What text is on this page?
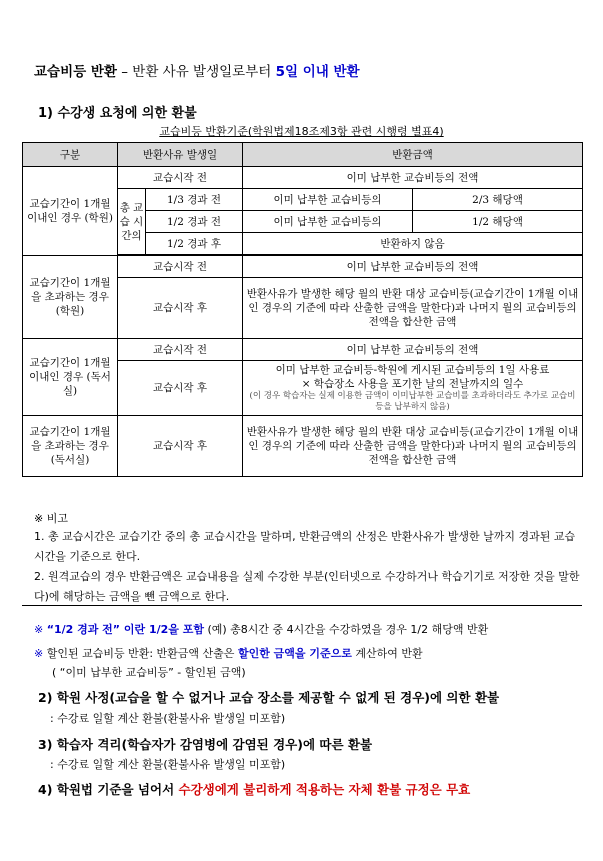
교습비등 반환 – 반환 사유 발생일로부터 5일 이내 반환
1) 수강생 요청에 의한 환불
교습비등 반환기준(학원법제18조제3항 관련 시행령 별표4)
구분	반환사유 발생일		반환금액	
교습기간이 1개월 이내인 경우 (학원)	교습시작 전		이미 납부한 교습비등의 전액	
	총 교습 시간의	1/3 경과 전	이미 납부한 교습비등의	2/3 해당액
		1/2 경과 전	이미 납부한 교습비등의	1/2 해당액
		1/2 경과 후	반환하지 않음	

교습기간이 1개월을 초과하는 경우(학원)	교습시작 전		이미 납부한 교습비등의 전액	
	교습시작 후		반환사유가 발생한 해당 월의 반환 대상 교습비등(교습기간이 1개월 이내인 경우의 기준에 따라 산출한 금액을 말한다)과 나머지 월의 교습비등의 전액을 합산한 금액	
교습기간이 1개월 이내인 경우 (독서실)	교습시작 전		이미 납부한 교습비등의 전액	
	교습시작 후		이미 납부한 교습비등-학원에 게시된 교습비등의 1일 사용료
× 학습장소 사용을 포기한 날의 전날까지의 일수
(이 경우 학습자는 실제 이용한 금액이 이미납부한 교습비를 초과하더라도 추가로 교습비등을 납부하지 않음)	

교습기간이 1개월을 초과하는 경우(독서실)	교습시작 후		반환사유가 발생한 해당 월의 반환 대상 교습비등(교습기간이 1개월 이내인 경우의 기준에 따라 산출한 금액을 말한다)과 나머지 월의 교습비등의 전액을 합산한 금액	
※ 비고
1. 총 교습시간은 교습기간 중의 총 교습시간을 말하며, 반환금액의 산정은 반환사유가 발생한 날까지 경과된 교습시간을 기준으로 한다.
2. 원격교습의 경우 반환금액은 교습내용을 실제 수강한 부분(인터넷으로 수강하거나 학습기기로 저장한 것을 말한다)에 해당하는 금액을 뺀 금액으로 한다.
※ “1/2 경과 전” 이란 1/2을 포함 (예) 총8시간 중 4시간을 수강하였을 경우 1/2 해당액 반환
※ 할인된 교습비등 반환: 반환금액 산출은 할인한 금액을 기준으로 계산하여 반환
( “이미 납부한 교습비등” - 할인된 금액)
2) 학원 사정(교습을 할 수 없거나 교습 장소를 제공할 수 없게 된 경우)에 의한 환불
: 수강료 일할 계산 환불(환불사유 발생일 미포함)
3) 학습자 격리(학습자가 감염병에 감염된 경우)에 따른 환불
: 수강료 일할 계산 환불(환불사유 발생일 미포함)
4) 학원법 기준을 넘어서 수강생에게 불리하게 적용하는 자체 환불 규정은 무효
